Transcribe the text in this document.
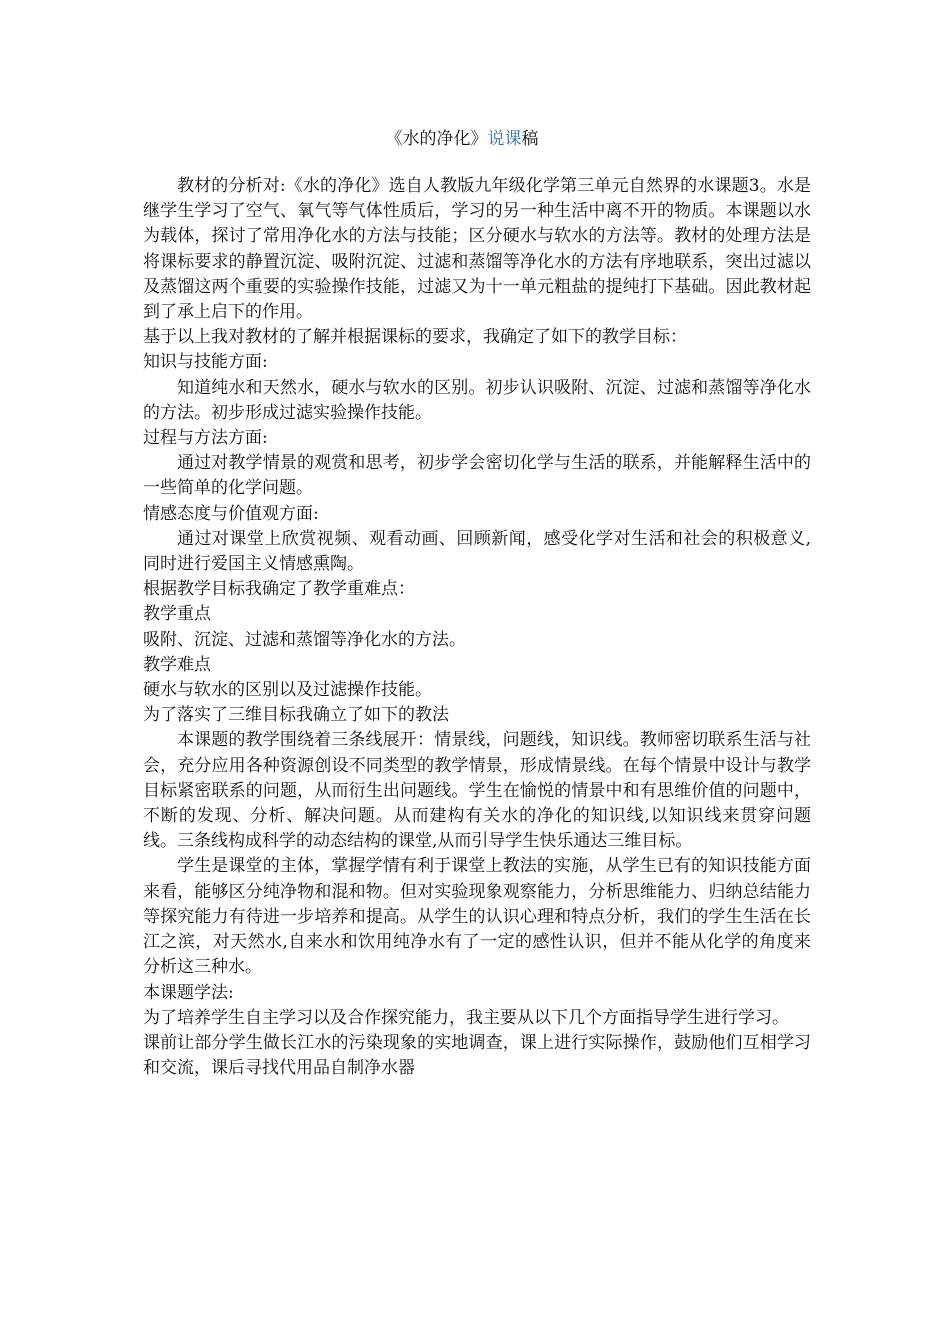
《水的净化》说课稿

教材的分析对:《水的净化》选自人教版九年级化学第三单元自然界的水课题3。水是继学生学习了空气、氧气等气体性质后，学习的另一种生活中离不开的物质。本课题以水为载体，探讨了常用净化水的方法与技能；区分硬水与软水的方法等。教材的处理方法是将课标要求的静置沉淀、吸附沉淀、过滤和蒸馏等净化水的方法有序地联系，突出过滤以及蒸馏这两个重要的实验操作技能，过滤又为十一单元粗盐的提纯打下基础。因此教材起到了承上启下的作用。

基于以上我对教材的了解并根据课标的要求，我确定了如下的教学目标：

知识与技能方面:

知道纯水和天然水，硬水与软水的区别。初步认识吸附、沉淀、过滤和蒸馏等净化水的方法。初步形成过滤实验操作技能。

过程与方法方面:

通过对教学情景的观赏和思考，初步学会密切化学与生活的联系，并能解释生活中的一些简单的化学问题。

情感态度与价值观方面:

通过对课堂上欣赏视频、观看动画、回顾新闻，感受化学对生活和社会的积极意义,同时进行爱国主义情感熏陶。

根据教学目标我确定了教学重难点：

教学重点

吸附、沉淀、过滤和蒸馏等净化水的方法。

教学难点

硬水与软水的区别以及过滤操作技能。

为了落实了三维目标我确立了如下的教法

本课题的教学围绕着三条线展开：情景线，问题线，知识线。教师密切联系生活与社会，充分应用各种资源创设不同类型的教学情景，形成情景线。在每个情景中设计与教学目标紧密联系的问题，从而衍生出问题线。学生在愉悦的情景中和有思维价值的问题中，不断的发现、分析、解决问题。从而建构有关水的净化的知识线,以知识线来贯穿问题线。三条线构成科学的动态结构的课堂,从而引导学生快乐通达三维目标。

学生是课堂的主体，掌握学情有利于课堂上教法的实施，从学生已有的知识技能方面来看，能够区分纯净物和混和物。但对实验现象观察能力，分析思维能力、归纳总结能力等探究能力有待进一步培养和提高。从学生的认识心理和特点分析，我们的学生生活在长江之滨，对天然水,自来水和饮用纯净水有了一定的感性认识，但并不能从化学的角度来分析这三种水。

本课题学法:

为了培养学生自主学习以及合作探究能力，我主要从以下几个方面指导学生进行学习。

课前让部分学生做长江水的污染现象的实地调查，课上进行实际操作，鼓励他们互相学习和交流，课后寻找代用品自制净水器
